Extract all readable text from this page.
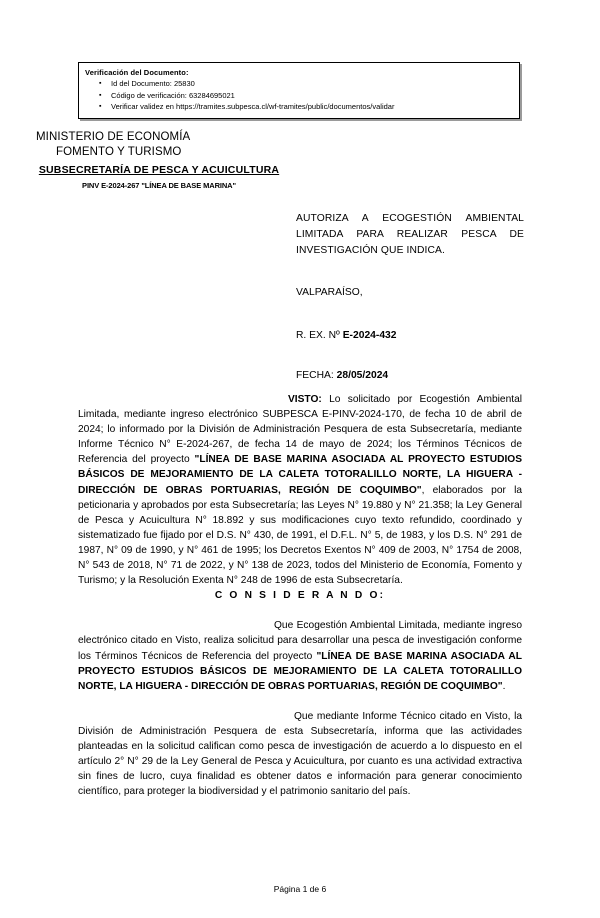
Verificación del Documento:
▪ Id del Documento: 25830
▪ Código de verificación: 63284695021
▪ Verificar validez en https://tramites.subpesca.cl/wf-tramites/public/documentos/validar
MINISTERIO DE ECONOMÍA
FOMENTO Y TURISMO
SUBSECRETARÍA DE PESCA Y ACUICULTURA
PINV E-2024-267 "LÍNEA DE BASE MARINA"
AUTORIZA A ECOGESTIÓN AMBIENTAL LIMITADA PARA REALIZAR PESCA DE INVESTIGACIÓN QUE INDICA.
VALPARAÍSO,
R. EX. Nº E-2024-432
FECHA: 28/05/2024

VISTO: Lo solicitado por Ecogestión Ambiental Limitada, mediante ingreso electrónico SUBPESCA E-PINV-2024-170, de fecha 10 de abril de 2024; lo informado por la División de Administración Pesquera de esta Subsecretaría, mediante Informe Técnico N° E-2024-267, de fecha 14 de mayo de 2024; los Términos Técnicos de Referencia del proyecto "LÍNEA DE BASE MARINA ASOCIADA AL PROYECTO ESTUDIOS BÁSICOS DE MEJORAMIENTO DE LA CALETA TOTORALILLO NORTE, LA HIGUERA - DIRECCIÓN DE OBRAS PORTUARIAS, REGIÓN DE COQUIMBO", elaborados por la peticionaria y aprobados por esta Subsecretaría; las Leyes N° 19.880 y N° 21.358; la Ley General de Pesca y Acuicultura N° 18.892 y sus modificaciones cuyo texto refundido, coordinado y sistematizado fue fijado por el D.S. N° 430, de 1991, el D.F.L. N° 5, de 1983, y los D.S. N° 291 de 1987, N° 09 de 1990, y N° 461 de 1995; los Decretos Exentos N° 409 de 2003, N° 1754 de 2008, N° 543 de 2018, N° 71 de 2022, y N° 138 de 2023, todos del Ministerio de Economía, Fomento y Turismo; y la Resolución Exenta N° 248 de 1996 de esta Subsecretaría.

C O N S I D E R A N D O:

Que Ecogestión Ambiental Limitada, mediante ingreso electrónico citado en Visto, realiza solicitud para desarrollar una pesca de investigación conforme los Términos Técnicos de Referencia del proyecto "LÍNEA DE BASE MARINA ASOCIADA AL PROYECTO ESTUDIOS BÁSICOS DE MEJORAMIENTO DE LA CALETA TOTORALILLO NORTE, LA HIGUERA - DIRECCIÓN DE OBRAS PORTUARIAS, REGIÓN DE COQUIMBO".

Que mediante Informe Técnico citado en Visto, la División de Administración Pesquera de esta Subsecretaría, informa que las actividades planteadas en la solicitud califican como pesca de investigación de acuerdo a lo dispuesto en el artículo 2° N° 29 de la Ley General de Pesca y Acuicultura, por cuanto es una actividad extractiva sin fines de lucro, cuya finalidad es obtener datos e información para generar conocimiento científico, para proteger la biodiversidad y el patrimonio sanitario del país.

Página 1 de 6
